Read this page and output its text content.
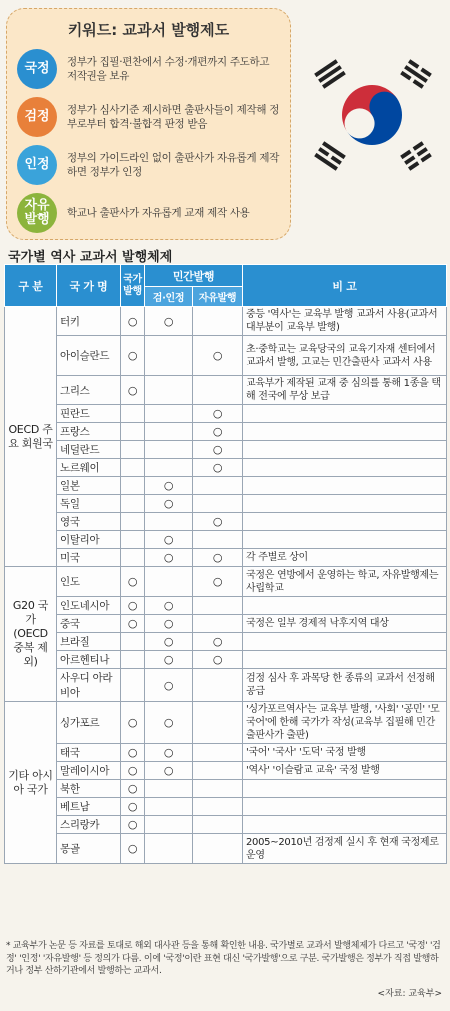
키워드: 교과서 발행제도
국정	정부가 집필·편찬에서 수정·개편까지 주도하고 저작권을 보유
검정	정부가 심사기준 제시하면 출판사들이 제작해 정부로부터 합격·불합격 판정 받음
인정	정부의 가이드라인 없이 출판사가 자유롭게 제작하면 정부가 인정
자유 발행	학교나 출판사가 자유롭게 교재 제작 사용
국가별 역사 교과서 발행체제
구 분	국 가 명	국가 발행	민간발행		비 고
			검·인정	자유발행	
OECD 주요 회원국	터키	○	○		중등 '역사'는 교육부 발행 교과서 사용(교과서 대부분이 교육부 발행)
	아이슬란드	○		○	초·중학교는 교육당국의 교육기자재 센터에서 교과서 발행, 고교는 민간출판사 교과서 사용
	그리스	○			교육부가 제작된 교재 중 심의를 통해 1종을 택해 전국에 무상 보급
	핀란드			○	
	프랑스			○	
	네덜란드			○	
	노르웨이			○	
	일본		○		
	독일		○		
	영국			○	
	이탈리아		○		
	미국		○	○	각 주별로 상이
G20 국가 (OECD 중복 제외)	인도	○		○	국정은 연방에서 운영하는 학교, 자유발행제는 사립학교
	인도네시아	○	○		
	중국	○	○		국정은 일부 경제적 낙후지역 대상
	브라질		○	○	
	아르헨티나		○	○	
	사우디 아라비아		○		검정 심사 후 과목당 한 종류의 교과서 선정해 공급
기타 아시아 국가	싱가포르	○	○		'싱가포르역사'는 교육부 발행, '사회' '공민' '모국어'에 한해 국가가 작성(교육부 집필해 민간출판사가 출판)
	태국	○	○		'국어' '국사' '도덕' 국정 발행
	말레이시아	○	○		'역사' '이슬람교 교육' 국정 발행
	북한	○			
	베트남	○			
	스리랑카	○			
	몽골	○			2005~2010년 검정제 실시 후 현재 국정제로 운영
* 교육부가 논문 등 자료를 토대로 해외 대사관 등을 통해 확인한 내용. 국가별로 교과서 발행체제가 다르고 '국정' '검정' '인정' '자유발행' 등 정의가 다름. 이에 '국정'이란 표현 대신 '국가발행'으로 구분. 국가발행은 정부가 직접 발행하거나 정부 산하기관에서 발행하는 교과서.
<자료: 교육부>
